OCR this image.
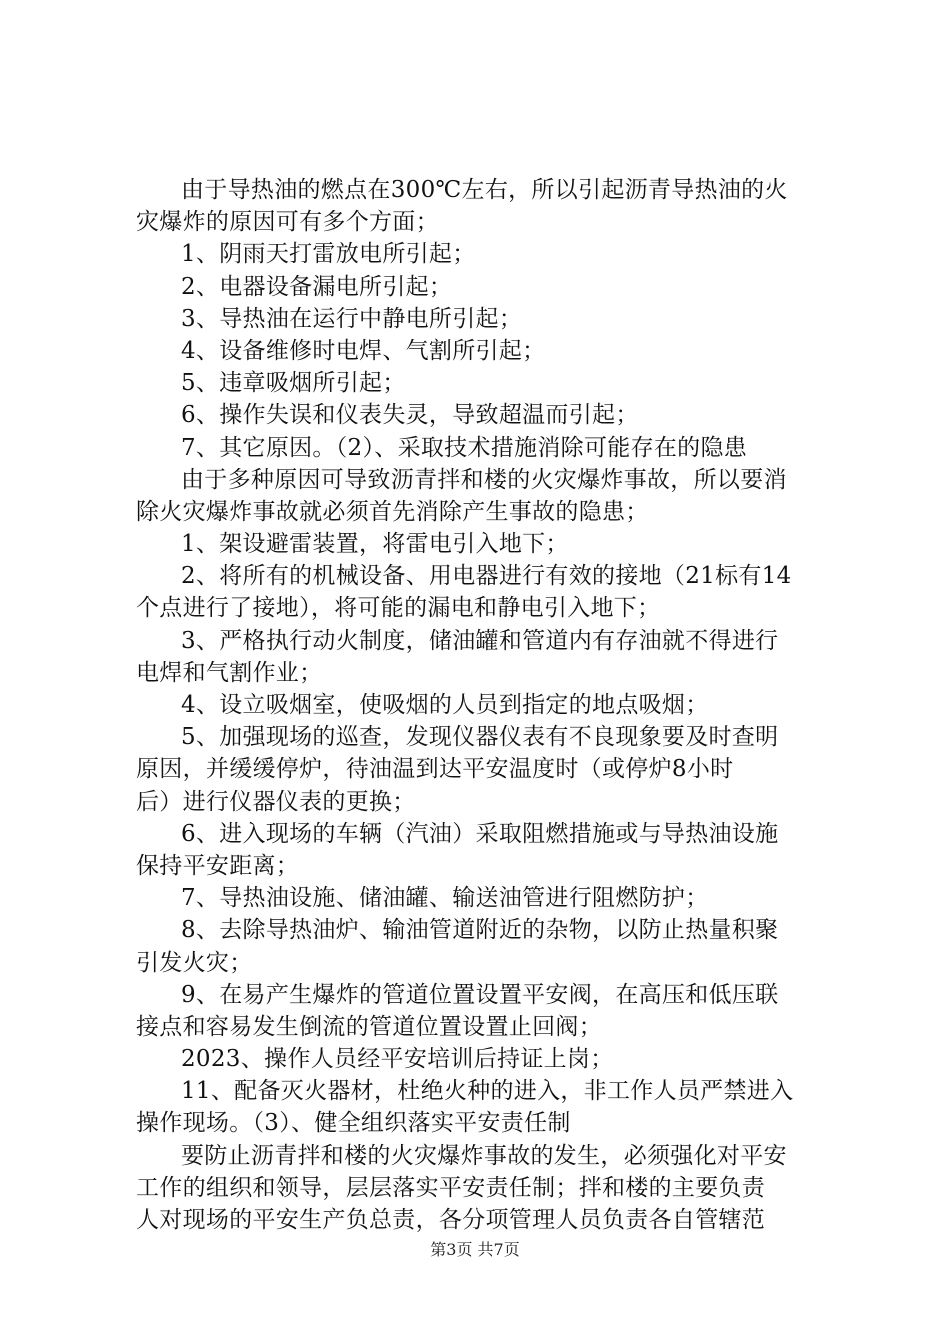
由于导热油的燃点在300℃左右，所以引起沥青导热油的火
灾爆炸的原因可有多个方面；
1、阴雨天打雷放电所引起；
2、电器设备漏电所引起；
3、导热油在运行中静电所引起；
4、设备维修时电焊、气割所引起；
5、违章吸烟所引起；
6、操作失误和仪表失灵，导致超温而引起；
7、其它原因。（2）、采取技术措施消除可能存在的隐患
由于多种原因可导致沥青拌和楼的火灾爆炸事故，所以要消
除火灾爆炸事故就必须首先消除产生事故的隐患；
1、架设避雷装置，将雷电引入地下；
2、将所有的机械设备、用电器进行有效的接地（21标有14
个点进行了接地），将可能的漏电和静电引入地下；
3、严格执行动火制度，储油罐和管道内有存油就不得进行
电焊和气割作业；
4、设立吸烟室，使吸烟的人员到指定的地点吸烟；
5、加强现场的巡查，发现仪器仪表有不良现象要及时查明
原因，并缓缓停炉，待油温到达平安温度时（或停炉8小时
后）进行仪器仪表的更换；
6、进入现场的车辆（汽油）采取阻燃措施或与导热油设施
保持平安距离；
7、导热油设施、储油罐、输送油管进行阻燃防护；
8、去除导热油炉、输油管道附近的杂物，以防止热量积聚
引发火灾；
9、在易产生爆炸的管道位置设置平安阀，在高压和低压联
接点和容易发生倒流的管道位置设置止回阀；
2023、操作人员经平安培训后持证上岗；
11、配备灭火器材，杜绝火种的进入，非工作人员严禁进入
操作现场。（3）、健全组织落实平安责任制
要防止沥青拌和楼的火灾爆炸事故的发生，必须强化对平安
工作的组织和领导，层层落实平安责任制；拌和楼的主要负责
人对现场的平安生产负总责，各分项管理人员负责各自管辖范
第3页 共7页
